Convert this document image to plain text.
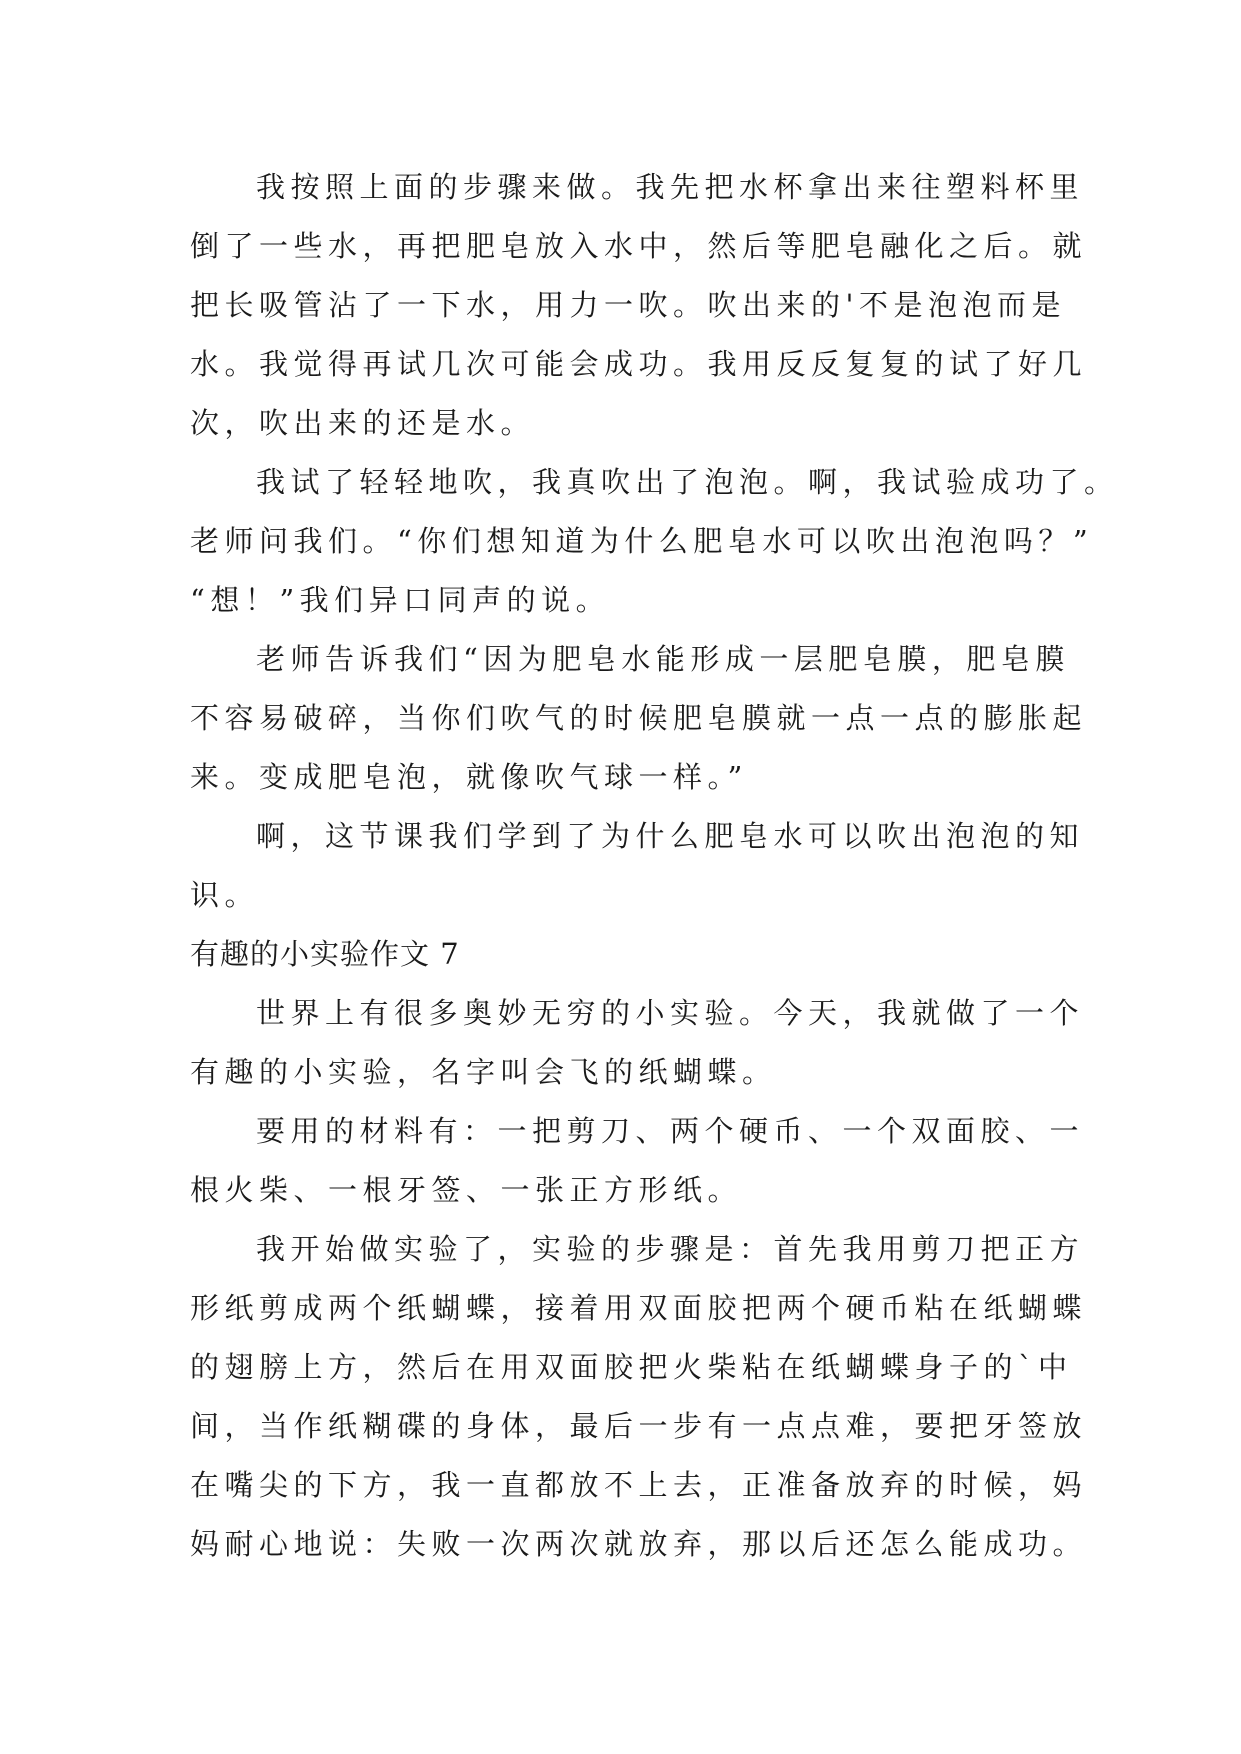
我按照上面的步骤来做。我先把水杯拿出来往塑料杯里
倒了一些水，再把肥皂放入水中，然后等肥皂融化之后。就
把长吸管沾了一下水，用力一吹。吹出来的'不是泡泡而是
水。我觉得再试几次可能会成功。我用反反复复的试了好几
次，吹出来的还是水。
我试了轻轻地吹，我真吹出了泡泡。啊，我试验成功了。
老师问我们。“你们想知道为什么肥皂水可以吹出泡泡吗？”
“想！”我们异口同声的说。
老师告诉我们“因为肥皂水能形成一层肥皂膜，肥皂膜
不容易破碎，当你们吹气的时候肥皂膜就一点一点的膨胀起
来。变成肥皂泡，就像吹气球一样。”
啊，这节课我们学到了为什么肥皂水可以吹出泡泡的知
识。
有趣的小实验作文 7
世界上有很多奥妙无穷的小实验。今天，我就做了一个
有趣的小实验，名字叫会飞的纸蝴蝶。
要用的材料有：一把剪刀、两个硬币、一个双面胶、一
根火柴、一根牙签、一张正方形纸。
我开始做实验了，实验的步骤是：首先我用剪刀把正方
形纸剪成两个纸蝴蝶，接着用双面胶把两个硬币粘在纸蝴蝶
的翅膀上方，然后在用双面胶把火柴粘在纸蝴蝶身子的`中
间，当作纸糊碟的身体，最后一步有一点点难，要把牙签放
在嘴尖的下方，我一直都放不上去，正准备放弃的时候，妈
妈耐心地说：失败一次两次就放弃，那以后还怎么能成功。
